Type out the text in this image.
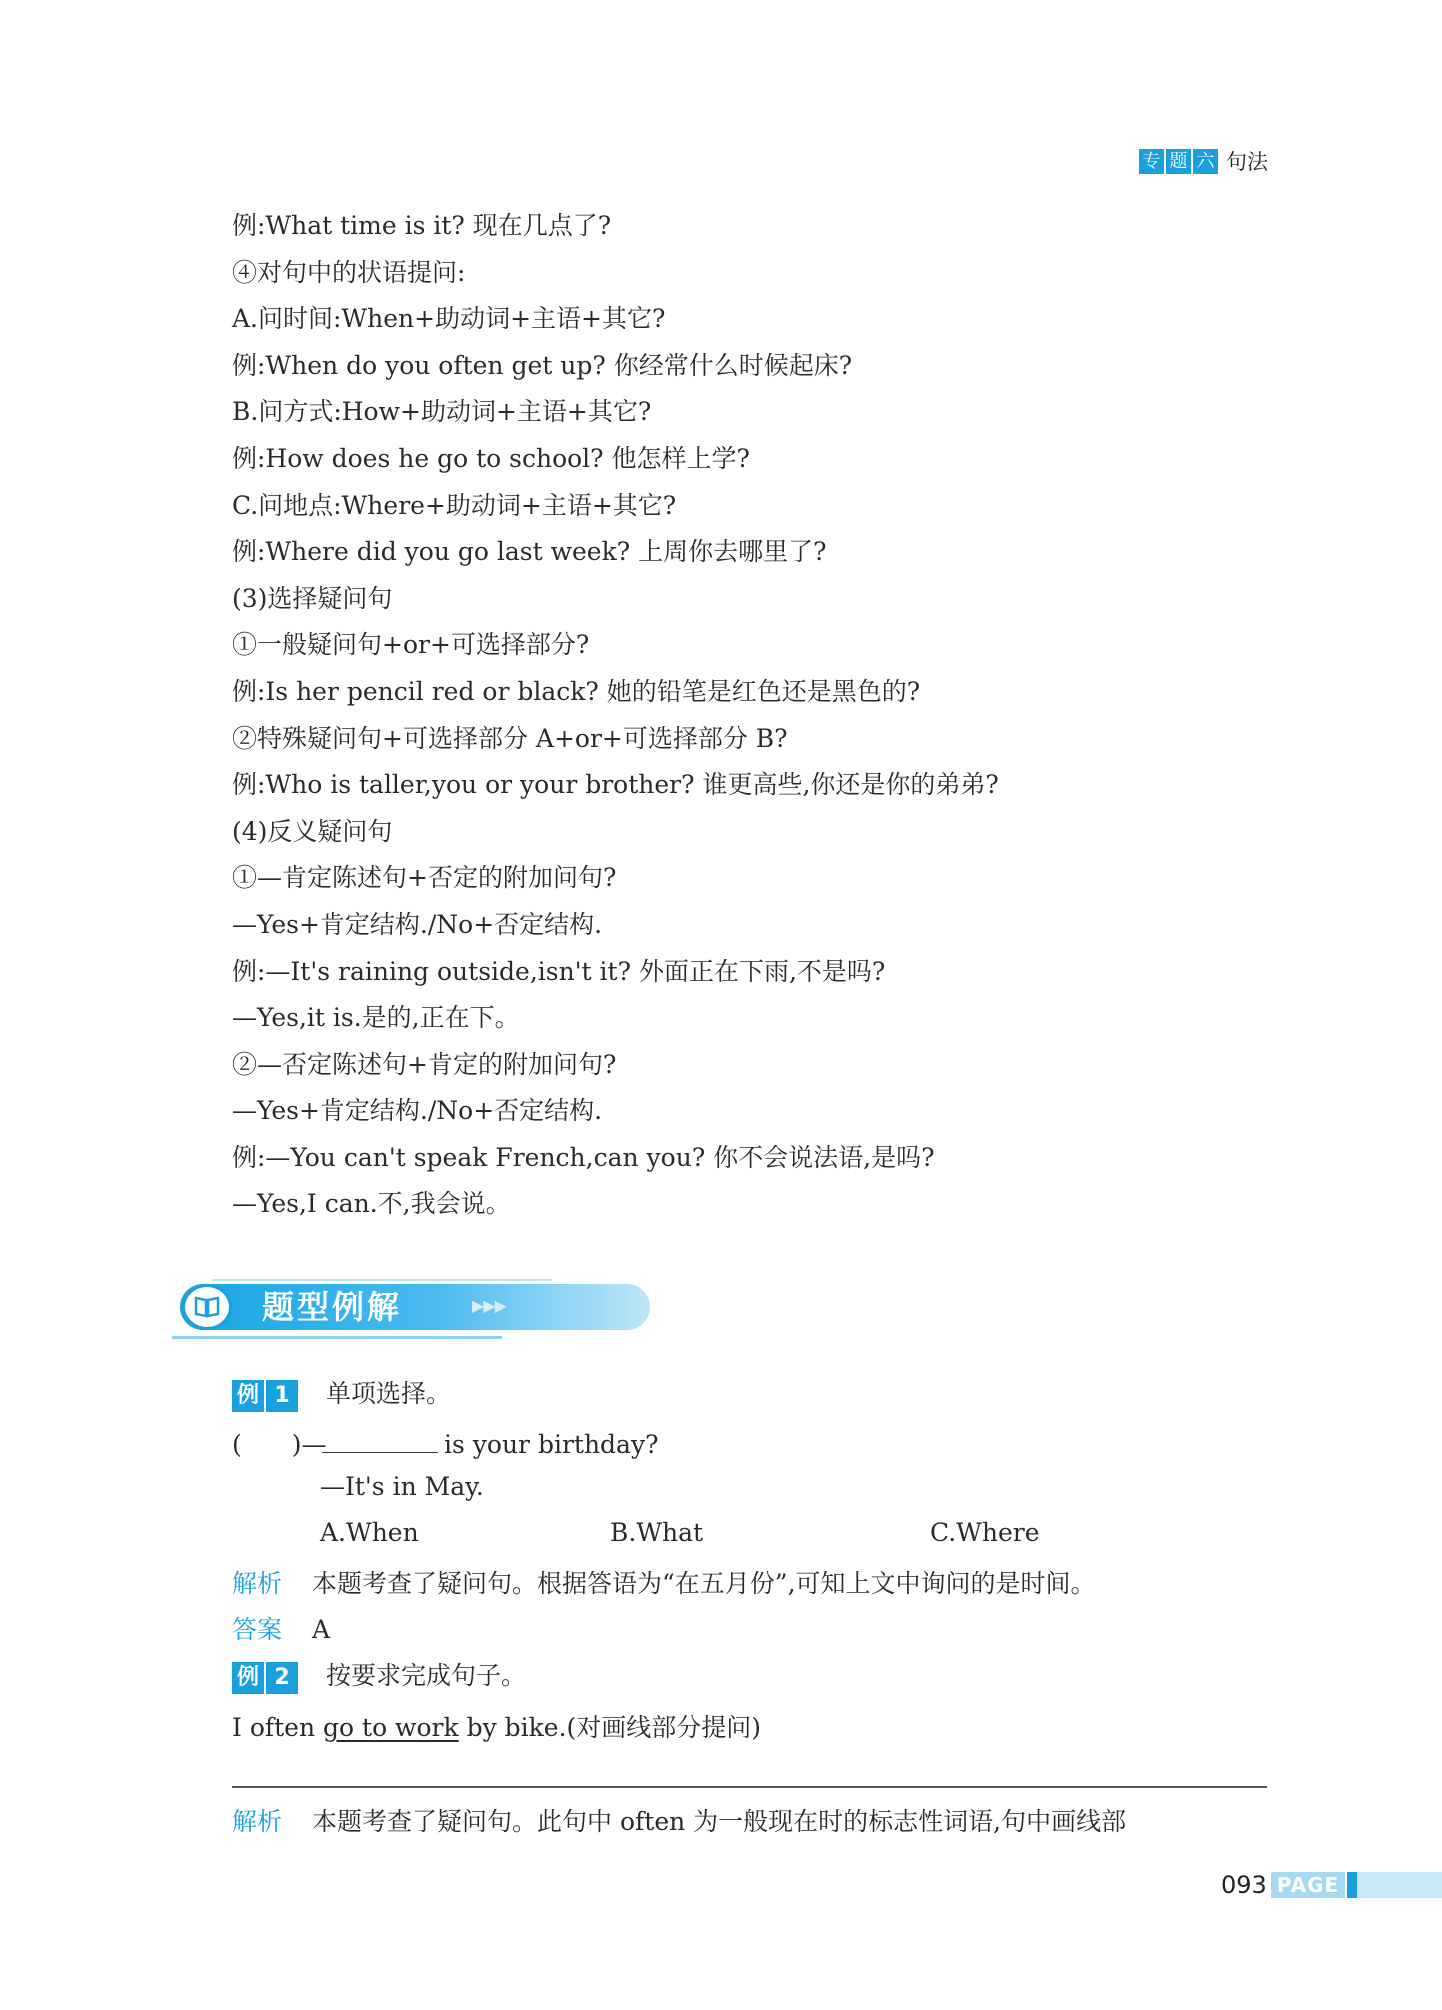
专 题 六 句法
例:What time is it? 现在几点了?
④对句中的状语提问:
A.问时间:When+助动词+主语+其它?
例:When do you often get up? 你经常什么时候起床?
B.问方式:How+助动词+主语+其它?
例:How does he go to school? 他怎样上学?
C.问地点:Where+助动词+主语+其它?
例:Where did you go last week? 上周你去哪里了?
(3)选择疑问句
①一般疑问句+or+可选择部分?
例:Is her pencil red or black? 她的铅笔是红色还是黑色的?
②特殊疑问句+可选择部分 A+or+可选择部分 B?
例:Who is taller,you or your brother? 谁更高些,你还是你的弟弟?
(4)反义疑问句
①—肯定陈述句+否定的附加问句?
—Yes+肯定结构./No+否定结构.
例:—It's raining outside,isn't it? 外面正在下雨,不是吗?
—Yes,it is.是的,正在下。
②—否定陈述句+肯定的附加问句?
—Yes+肯定结构./No+否定结构.
例:—You can't speak French,can you? 你不会说法语,是吗?
—Yes,I can.不,我会说。
题型例解	▶▶▶
例 1	单项选择。
(　　)—	is your birthday?
—It's in May.
A.When	B.What	C.Where
解析 本题考查了疑问句。根据答语为“在五月份”,可知上文中询问的是时间。
答案 A
例 2	按要求完成句子。
I often go to work by bike.(对画线部分提问)
解析 本题考查了疑问句。此句中 often 为一般现在时的标志性词语,句中画线部
093 PAGE
